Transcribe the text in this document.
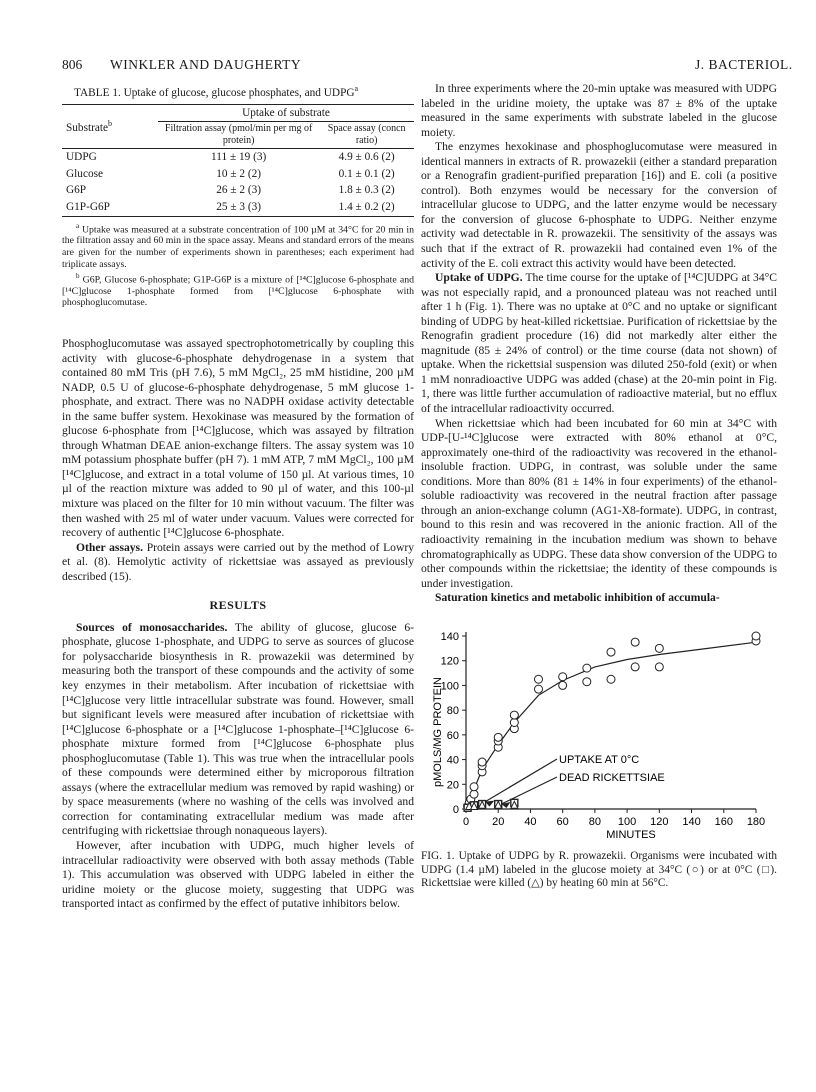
806 WINKLER AND DAUGHERTY	J. BACTERIOL.
TABLE 1. Uptake of glucose, glucose phosphates, and UDPG$^a$
Substrate$^b$	Uptake of substrate	
	Filtration assay (pmol/min per mg of protein)	Space assay (concn ratio)
UDPG	111 ± 19 (3)	4.9 ± 0.6 (2)
Glucose	10 ± 2 (2)	0.1 ± 0.1 (2)
G6P	26 ± 2 (3)	1.8 ± 0.3 (2)
G1P-G6P	25 ± 3 (3)	1.4 ± 0.2 (2)

$^a$ Uptake was measured at a substrate concentration of 100 µM at 34°C for 20 min in the filtration assay and 60 min in the space assay. Means and standard errors of the means are given for the number of experiments shown in parentheses; each experiment had triplicate assays.

$^b$ G6P, Glucose 6-phosphate; G1P-G6P is a mixture of [¹⁴C]glucose 6-phosphate and [¹⁴C]glucose 1-phosphate formed from [¹⁴C]glucose 6-phosphate with phosphoglucomutase.

Phosphoglucomutase was assayed spectrophotometrically by coupling this activity with glucose-6-phosphate dehydrogenase in a system that contained 80 mM Tris (pH 7.6), 5 mM MgCl₂, 25 mM histidine, 200 µM NADP, 0.5 U of glucose-6-phosphate dehydrogenase, 5 mM glucose 1-phosphate, and extract. There was no NADPH oxidase activity detectable in the same buffer system. Hexokinase was measured by the formation of glucose 6-phosphate from [¹⁴C]glucose, which was assayed by filtration through Whatman DEAE anion-exchange filters. The assay system was 10 mM potassium phosphate buffer (pH 7). 1 mM ATP, 7 mM MgCl₂, 100 µM [¹⁴C]glucose, and extract in a total volume of 150 µl. At various times, 10 µl of the reaction mixture was added to 90 µl of water, and this 100-µl mixture was placed on the filter for 10 min without vacuum. The filter was then washed with 25 ml of water under vacuum. Values were corrected for recovery of authentic [¹⁴C]glucose 6-phosphate.

Other assays. Protein assays were carried out by the method of Lowry et al. (8). Hemolytic activity of rickettsiae was assayed as previously described (15).

RESULTS

Sources of monosaccharides. The ability of glucose, glucose 6-phosphate, glucose 1-phosphate, and UDPG to serve as sources of glucose for polysaccharide biosynthesis in R. prowazekii was determined by measuring both the transport of these compounds and the activity of some key enzymes in their metabolism. After incubation of rickettsiae with [¹⁴C]glucose very little intracellular substrate was found. However, small but significant levels were measured after incubation of rickettsiae with [¹⁴C]glucose 6-phosphate or a [¹⁴C]glucose 1-phosphate–[¹⁴C]glucose 6-phosphate mixture formed from [¹⁴C]glucose 6-phosphate plus phosphoglucomutase (Table 1). This was true when the intracellular pools of these compounds were determined either by microporous filtration assays (where the extracellular medium was removed by rapid washing) or by space measurements (where no washing of the cells was involved and correction for contaminating extracellular medium was made after centrifuging with rickettsiae through nonaqueous layers).

However, after incubation with UDPG, much higher levels of intracellular radioactivity were observed with both assay methods (Table 1). This accumulation was observed with UDPG labeled in either the uridine moiety or the glucose moiety, suggesting that UDPG was transported intact as confirmed by the effect of putative inhibitors below.

In three experiments where the 20-min uptake was measured with UDPG labeled in the uridine moiety, the uptake was 87 ± 8% of the uptake measured in the same experiments with substrate labeled in the glucose moiety.

The enzymes hexokinase and phosphoglucomutase were measured in identical manners in extracts of R. prowazekii (either a standard preparation or a Renografin gradient-purified preparation [16]) and E. coli (a positive control). Both enzymes would be necessary for the conversion of intracellular glucose to UDPG, and the latter enzyme would be necessary for the conversion of glucose 6-phosphate to UDPG. Neither enzyme activity wad detectable in R. prowazekii. The sensitivity of the assays was such that if the extract of R. prowazekii had contained even 1% of the activity of the E. coli extract this activity would have been detected.

Uptake of UDPG. The time course for the uptake of [¹⁴C]UDPG at 34°C was not especially rapid, and a pronounced plateau was not reached until after 1 h (Fig. 1). There was no uptake at 0°C and no uptake or significant binding of UDPG by heat-killed rickettsiae. Purification of rickettsiae by the Renografin gradient procedure (16) did not markedly alter either the magnitude (85 ± 24% of control) or the time course (data not shown) of uptake. When the rickettsial suspension was diluted 250-fold (exit) or when 1 mM nonradioactive UDPG was added (chase) at the 20-min point in Fig. 1, there was little further accumulation of radioactive material, but no efflux of the intracellular radioactivity occurred.

When rickettsiae which had been incubated for 60 min at 34°C with UDP-[U-¹⁴C]glucose were extracted with 80% ethanol at 0°C, approximately one-third of the radioactivity was recovered in the ethanol-insoluble fraction. UDPG, in contrast, was soluble under the same conditions. More than 80% (81 ± 14% in four experiments) of the ethanol-soluble radioactivity was recovered in the neutral fraction after passage through an anion-exchange column (AG1-X8-formate). UDPG, in contrast, bound to this resin and was recovered in the anionic fraction. All of the radioactivity remaining in the incubation medium was shown to behave chromatographically as UDPG. These data show conversion of the UDPG to other compounds within the rickettsiae; the identity of these compounds is under investigation.

Saturation kinetics and metabolic inhibition of accumula-

0
20
40
60
80
100
120
140
0 20 40 60 80 100 120 140 160 180
pMOLS/MG PROTEIN
MINUTES
UPTAKE AT 0°C
DEAD RICKETTSIAE
FIG. 1. Uptake of UDPG by R. prowazekii. Organisms were incubated with UDPG (1.4 µM) labeled in the glucose moiety at 34°C (○) or at 0°C (□). Rickettsiae were killed (△) by heating 60 min at 56°C.
